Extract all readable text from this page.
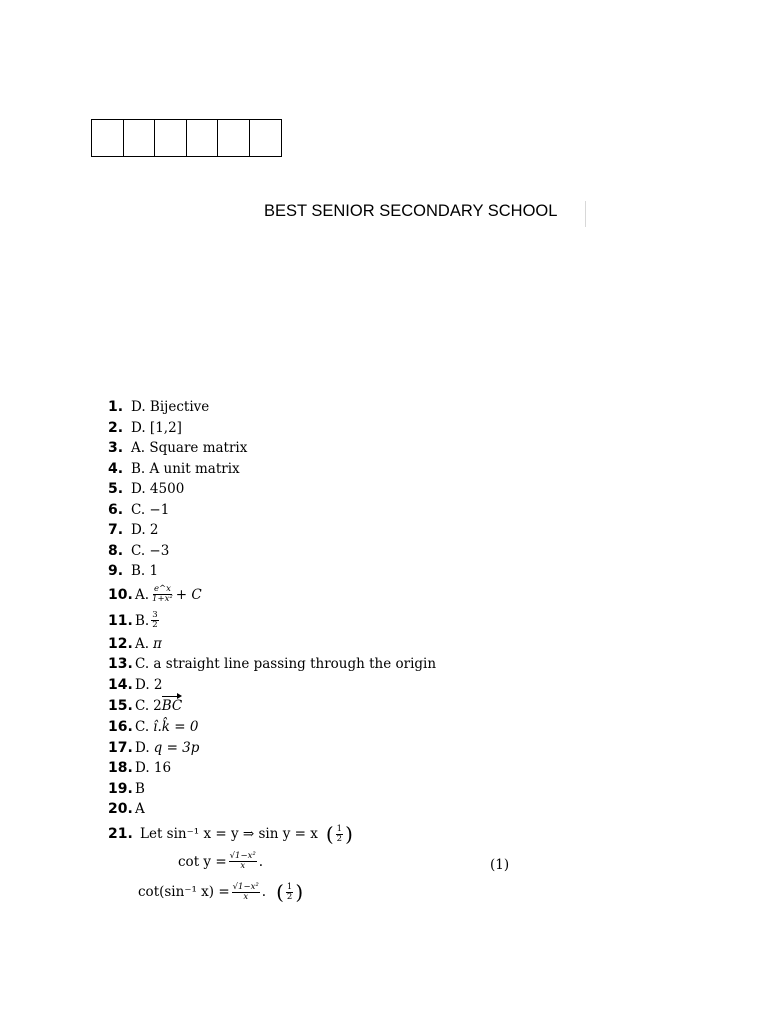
BEST SENIOR SECONDARY SCHOOL
1. D. Bijective
2. D. [1,2]
3. A. Square matrix
4. B. A unit matrix
5. D. 4500
6. C. −1
7. D. 2
8. C. −3
9. B. 1
10. A. $\frac{e\^{}x}{\text{1+x²}} + C$
11. B. $\frac{3}{2}$
12. A. π
13. C. a straight line passing through the origin
14. D. 2
15. C. 2 BC
16. C. î.k̂ = 0
17. D. q = 3p
18. D. 16
19. B
20. A
21. Let sin⁻¹ x = y ⇒ sin y = x ( $\frac{1}{2}$ )
$\cot y = \frac{\text{√1−x²}}{x}$ .	(1)
cot(sin⁻¹ $x) = \frac{\text{√1−x²}}{x}$ . ( $\frac{1}{2}$ )
